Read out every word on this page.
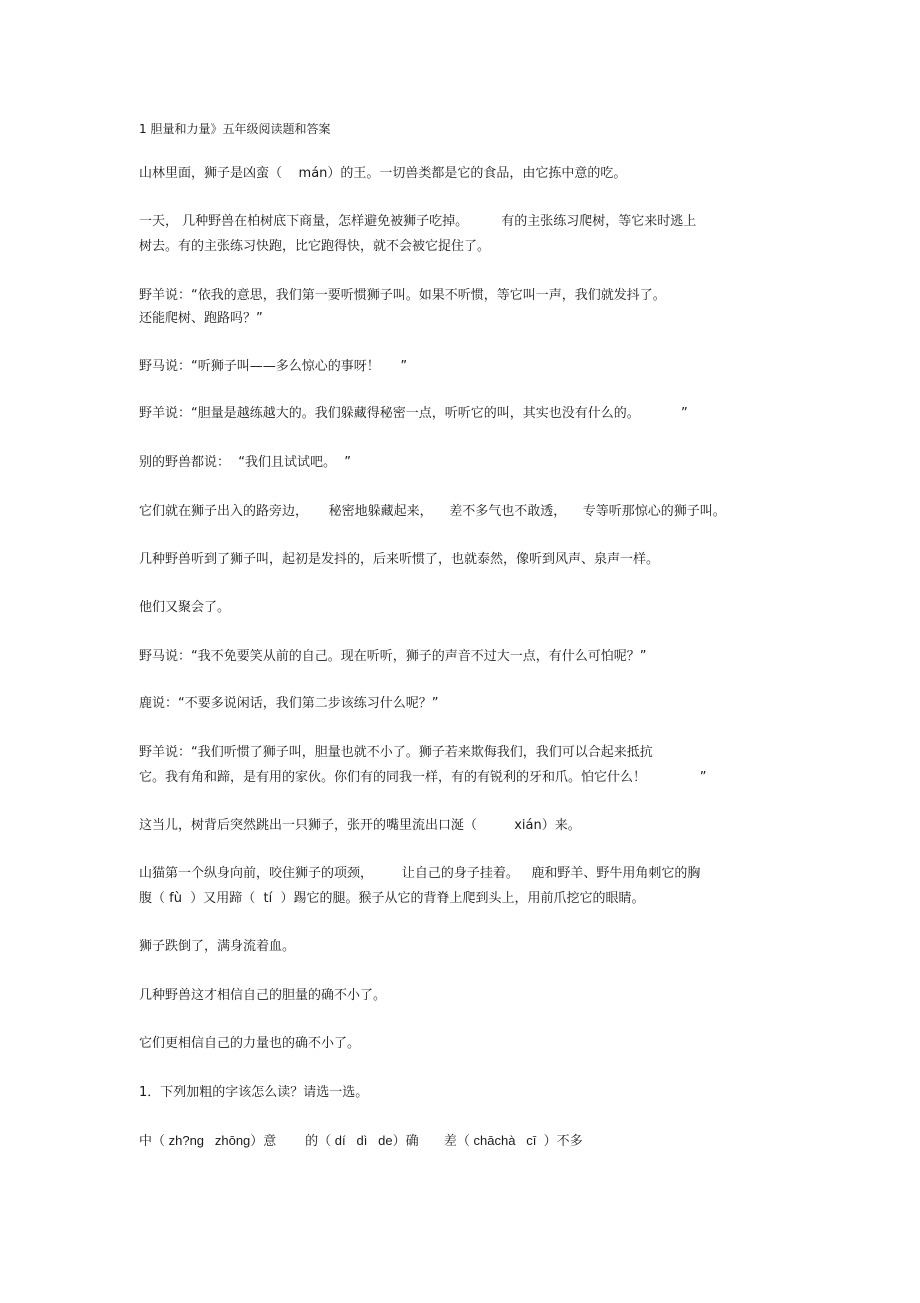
1 胆量和力量》五年级阅读题和答案
山林里面，狮子是凶蛮（    mán）的王。一切兽类都是它的食品，由它拣中意的吃。
一天， 几种野兽在柏树底下商量，怎样避免被狮子吃掉。        有的主张练习爬树，等它来时逃上
树去。有的主张练习快跑，比它跑得快，就不会被它捉住了。
野羊说：“依我的意思，我们第一要听惯狮子叫。如果不听惯，等它叫一声，我们就发抖了。
还能爬树、跑路吗？”
野马说：“听狮子叫——多么惊心的事呀！     ”
野羊说：“胆量是越练越大的。我们躲藏得秘密一点，听听它的叫，其实也没有什么的。          ”
别的野兽都说：  “我们且试试吧。  ”
它们就在狮子出入的路旁边，     秘密地躲藏起来，    差不多气也不敢透，    专等听那惊心的狮子叫。
几种野兽听到了狮子叫，起初是发抖的，后来听惯了，也就泰然，像听到风声、泉声一样。
他们又聚会了。
野马说：“我不免要笑从前的自己。现在听听，狮子的声音不过大一点，有什么可怕呢？”
鹿说：“不要多说闲话，我们第二步该练习什么呢？”
野羊说：“我们听惯了狮子叫，胆量也就不小了。狮子若来欺侮我们，我们可以合起来抵抗
它。我有角和蹄，是有用的家伙。你们有的同我一样，有的有锐利的牙和爪。怕它什么！             ”
这当儿，树背后突然跳出一只狮子，张开的嘴里流出口涎（         xián）来。
山猫第一个纵身向前，咬住狮子的项颈，       让自己的身子挂着。   鹿和野羊、野牛用角刺它的胸
腹（ fù  ）又用蹄（  tí  ）踢它的腿。猴子从它的背脊上爬到头上，用前爪挖它的眼睛。
狮子跌倒了，满身流着血。
几种野兽这才相信自己的胆量的确不小了。
它们更相信自己的力量也的确不小了。
1．下列加粗的字该怎么读？请选一选。
中（ zh?ng   zhōng）意        的（ dí   dì   de）确       差（ chāchà   cī  ）不多
